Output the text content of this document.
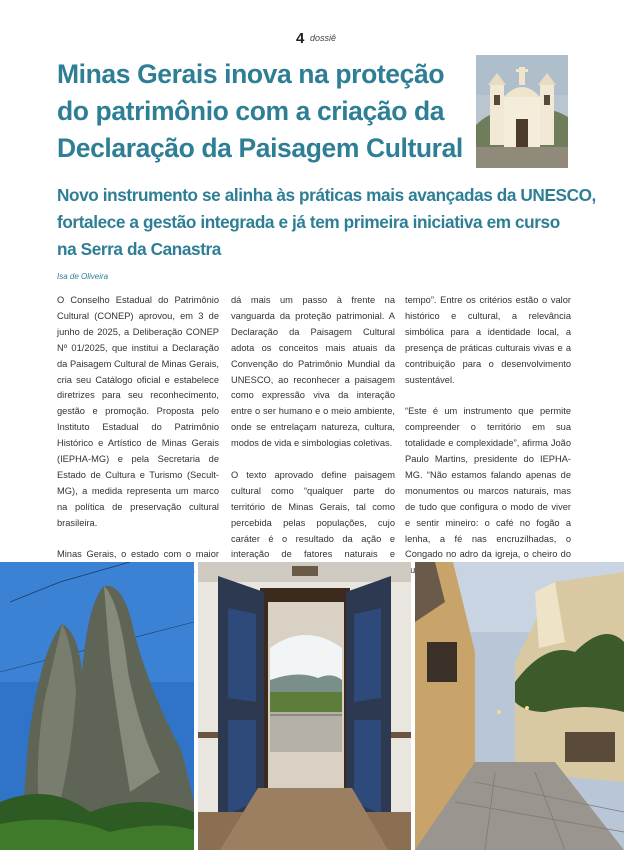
4 dossiê
Minas Gerais inova na proteção
do patrimônio com a criação da
Declaração da Paisagem Cultural
Novo instrumento se alinha às práticas mais avançadas da UNESCO,
fortalece a gestão integrada e já tem primeira iniciativa em curso
na Serra da Canastra
Isa de Oliveira

O Conselho Estadual do Patrimônio Cultural (CONEP) aprovou, em 3 de junho de 2025, a Deliberação CONEP Nº 01/2025, que institui a Declaração da Paisagem Cultural de Minas Gerais, cria seu Catálogo oficial e estabelece diretrizes para seu reconhecimento, gestão e promoção. Proposta pelo Instituto Estadual do Patrimônio Histórico e Artístico de Minas Gerais (IEPHA-MG) e pela Secretaria de Estado de Cultura e Turismo (Secult-MG), a medida representa um marco na política de preservação cultural brasileira.

Minas Gerais, o estado com o maior

dá mais um passo à frente na vanguarda da proteção patrimonial. A Declaração da Paisagem Cultural adota os conceitos mais atuais da Convenção do Patrimônio Mundial da UNESCO, ao reconhecer a paisagem como expressão viva da interação entre o ser humano e o meio ambiente, onde se entrelaçam natureza, cultura, modos de vida e simbologias coletivas.

O texto aprovado define paisagem cultural como “qualquer parte do território de Minas Gerais, tal como percebida pelas populações, cujo caráter é o resultado da ação e interação de fatores naturais e

tempo”. Entre os critérios estão o valor histórico e cultural, a relevância simbólica para a identidade local, a presença de práticas culturais vivas e a contribuição para o desenvolvimento sustentável.

“Este é um instrumento que permite compreender o território em sua totalidade e complexidade”, afirma João Paulo Martins, presidente do IEPHA-MG. “Não estamos falando apenas de monumentos ou marcos naturais, mas de tudo que configura o modo de viver e sentir mineiro: o café no fogão a lenha, a fé nas encruzilhadas, o Congado no adro da igreja, o cheiro do
